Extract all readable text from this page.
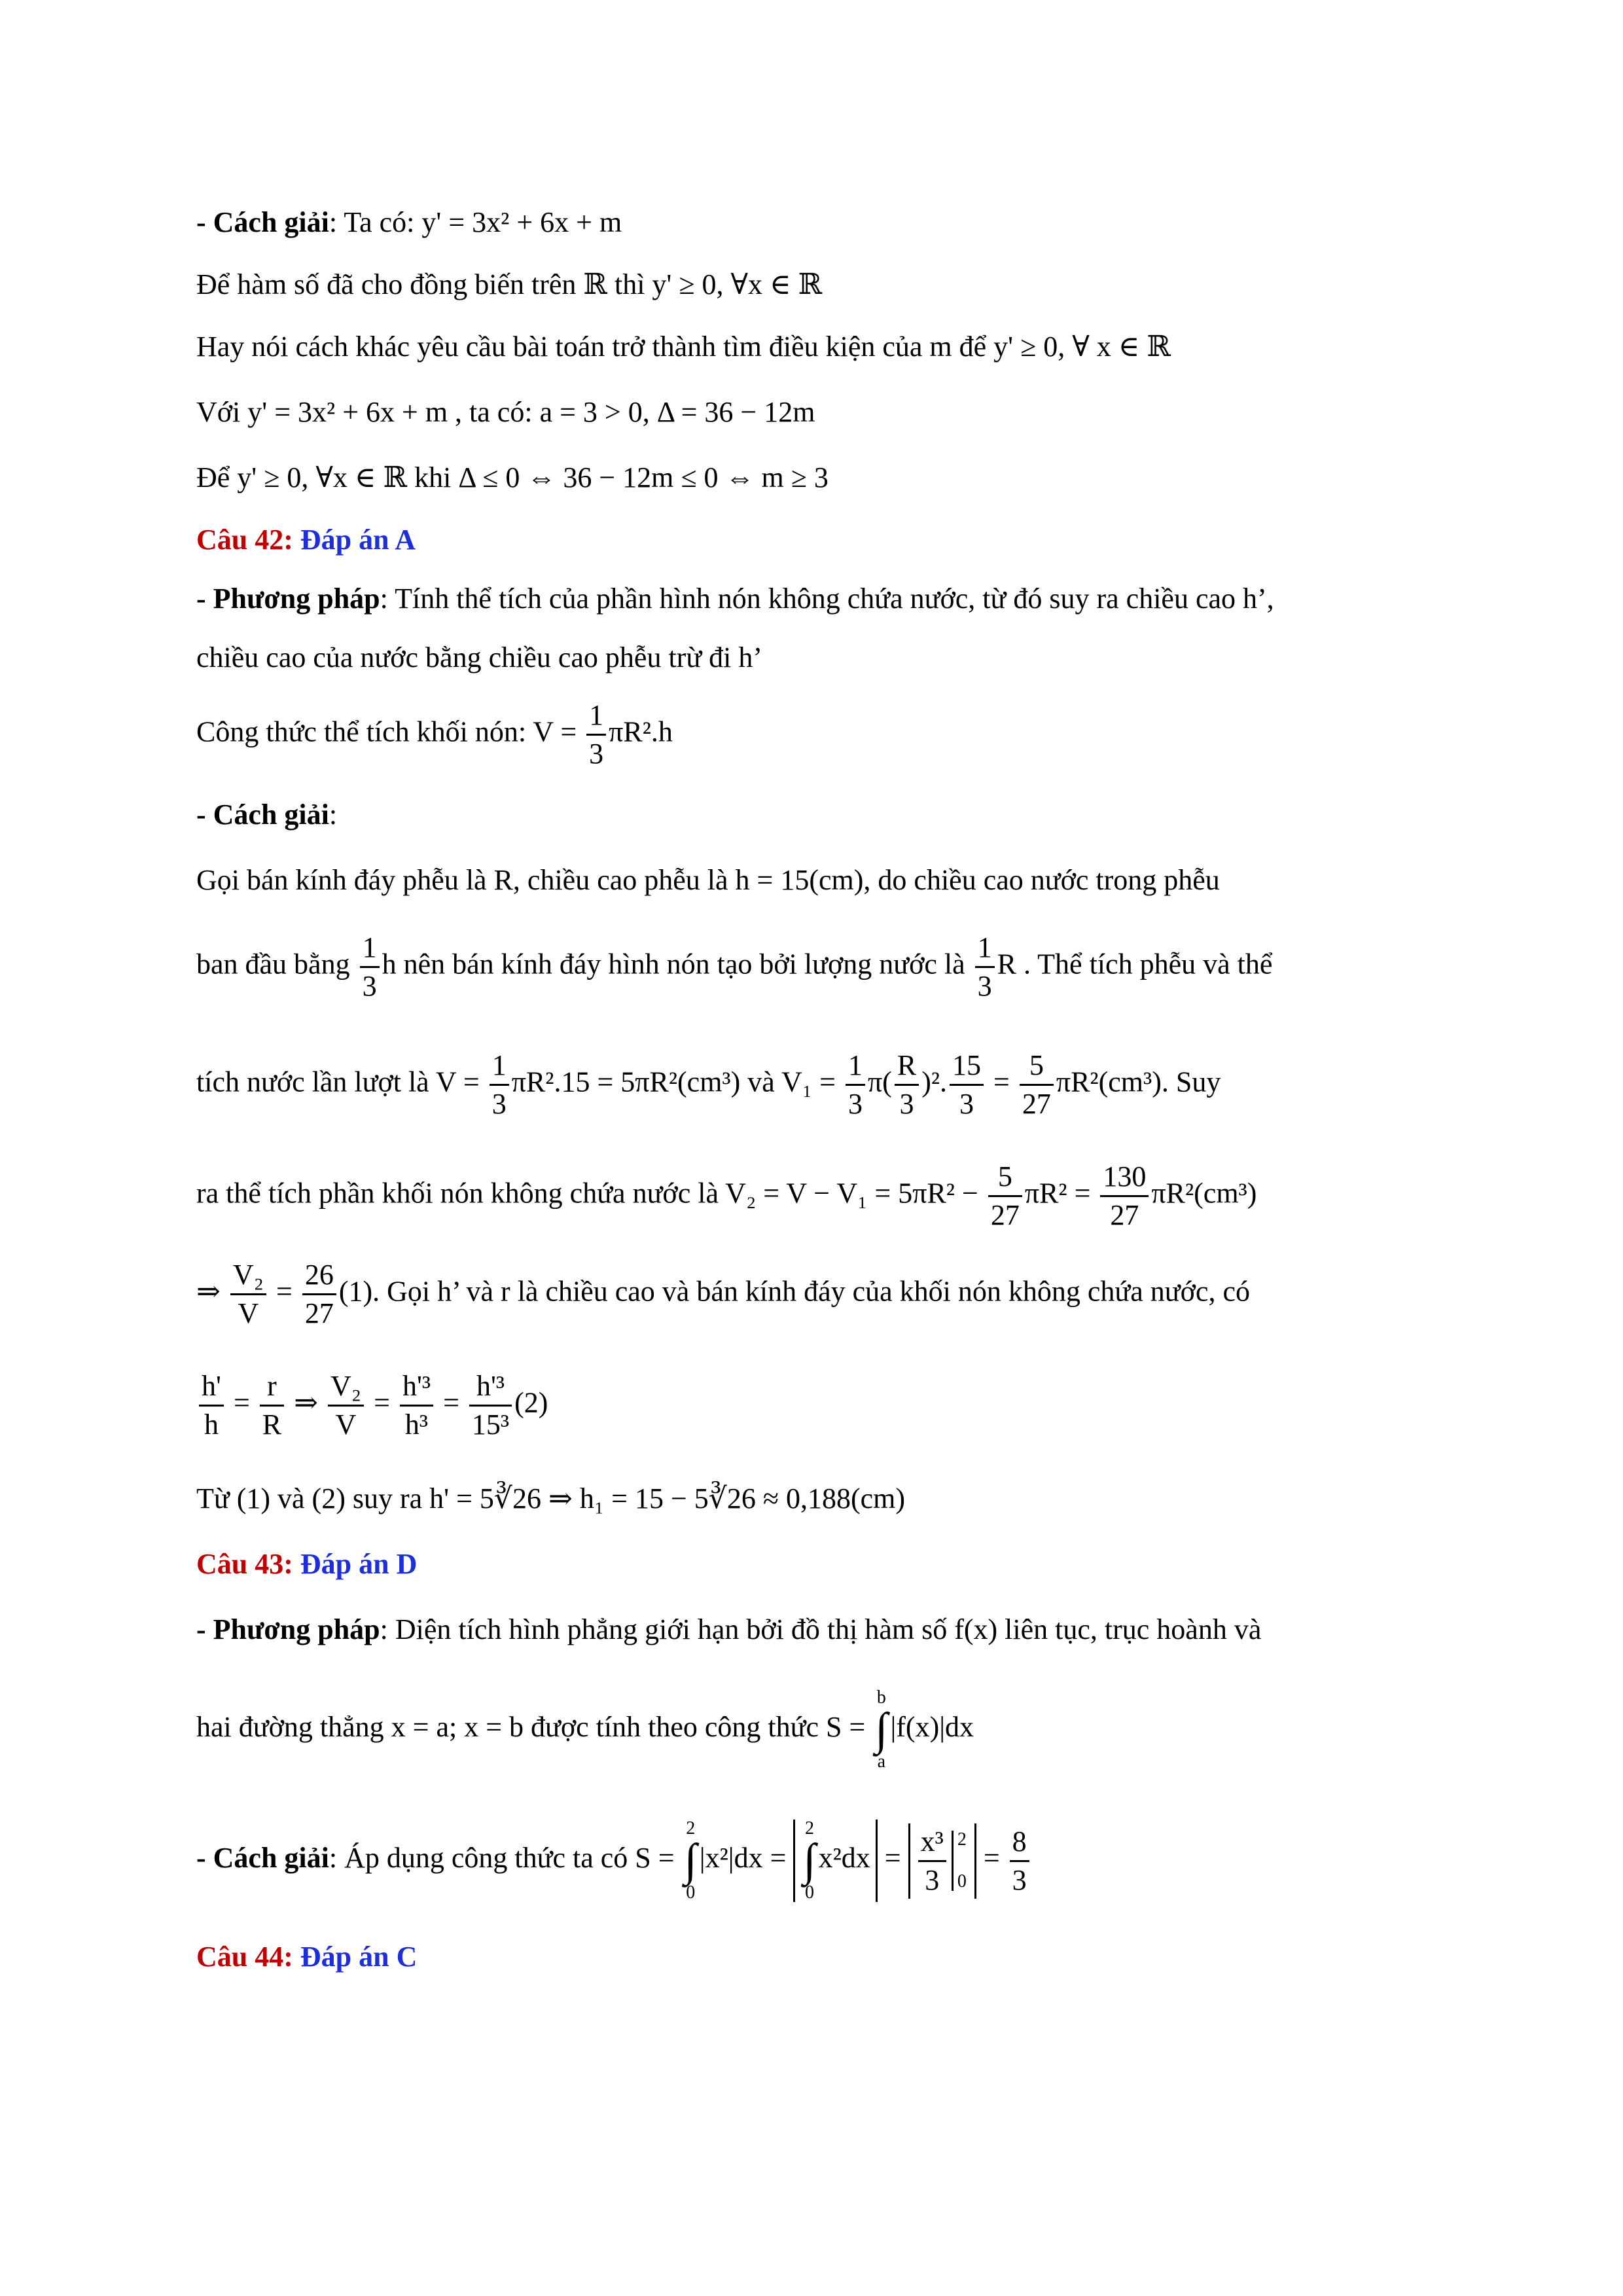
- Cách giải: Ta có: y' = 3x² + 6x + m
Để hàm số đã cho đồng biến trên ℝ thì y' ≥ 0, ∀x ∈ ℝ
Hay nói cách khác yêu cầu bài toán trở thành tìm điều kiện của m để y' ≥ 0, ∀ x ∈ ℝ
Với y' = 3x² + 6x + m , ta có: a = 3 > 0, Δ = 36 − 12m
Để y' ≥ 0, ∀x ∈ ℝ khi Δ ≤ 0 ⇔ 36 − 12m ≤ 0 ⇔ m ≥ 3
Câu 42: Đáp án A
- Phương pháp: Tính thể tích của phần hình nón không chứa nước, từ đó suy ra chiều cao h’,
chiều cao của nước bằng chiều cao phễu trừ đi h’
Công thức thể tích khối nón: $V = \frac{1}{3} \pi R^2.h$
- Cách giải:
Gọi bán kính đáy phễu là R, chiều cao phễu là h = 15(cm), do chiều cao nước trong phễu
ban đầu bằng $\frac{1}{3}$ h nên bán kính đáy hình nón tạo bởi lượng nước là $\frac{1}{3}$ R . Thể tích phễu và thể
tích nước lần lượt là $V = \frac{1}{3} \pi R^2.15 = 5\pi R^2(cm^3)$ và $V_1 = \frac{1}{3} \pi( \frac{R}{3} )^2$. $\frac{15}{3} = \frac{5}{27} \pi R^2(cm^3)$. Suy
ra thể tích phần khối nón không chứa nước là $V_2 = V - V_1 = 5\pi R^2 - \frac{5}{27} \pi R^2 = \frac{130}{27} \pi R^2(cm^3)$
⇒ $\frac{\text{V₂}}{V} = \frac{26}{27} (1)$. Gọi h’ và r là chiều cao và bán kính đáy của khối nón không chứa nước, có
$\frac{h'}{h} = \frac{r}{R}$ ⇒ $\frac{\text{V₂}}{V} = \frac{\text{h'³}}{\text{h³}} = \frac{\text{h'³}}{\text{15³}} (2)$
Từ (1) và (2) suy ra h' = 5∛26 ⇒ h₁ = 15 − 5∛26 ≈ 0,188(cm)
Câu 43: Đáp án D
- Phương pháp: Diện tích hình phẳng giới hạn bởi đồ thị hàm số f(x) liên tục, trục hoành và
hai đường thẳng x = a; x = b được tính theo công thức S = b
∫
a|f(x)|dx
- Cách giải: Áp dụng công thức ta có S = 2
∫
0|x²|dx = 2
∫
$0x^2dx = \frac{\text{x³}}{3} 2$

$0 = \frac{8}{3}$
Câu 44: Đáp án C
